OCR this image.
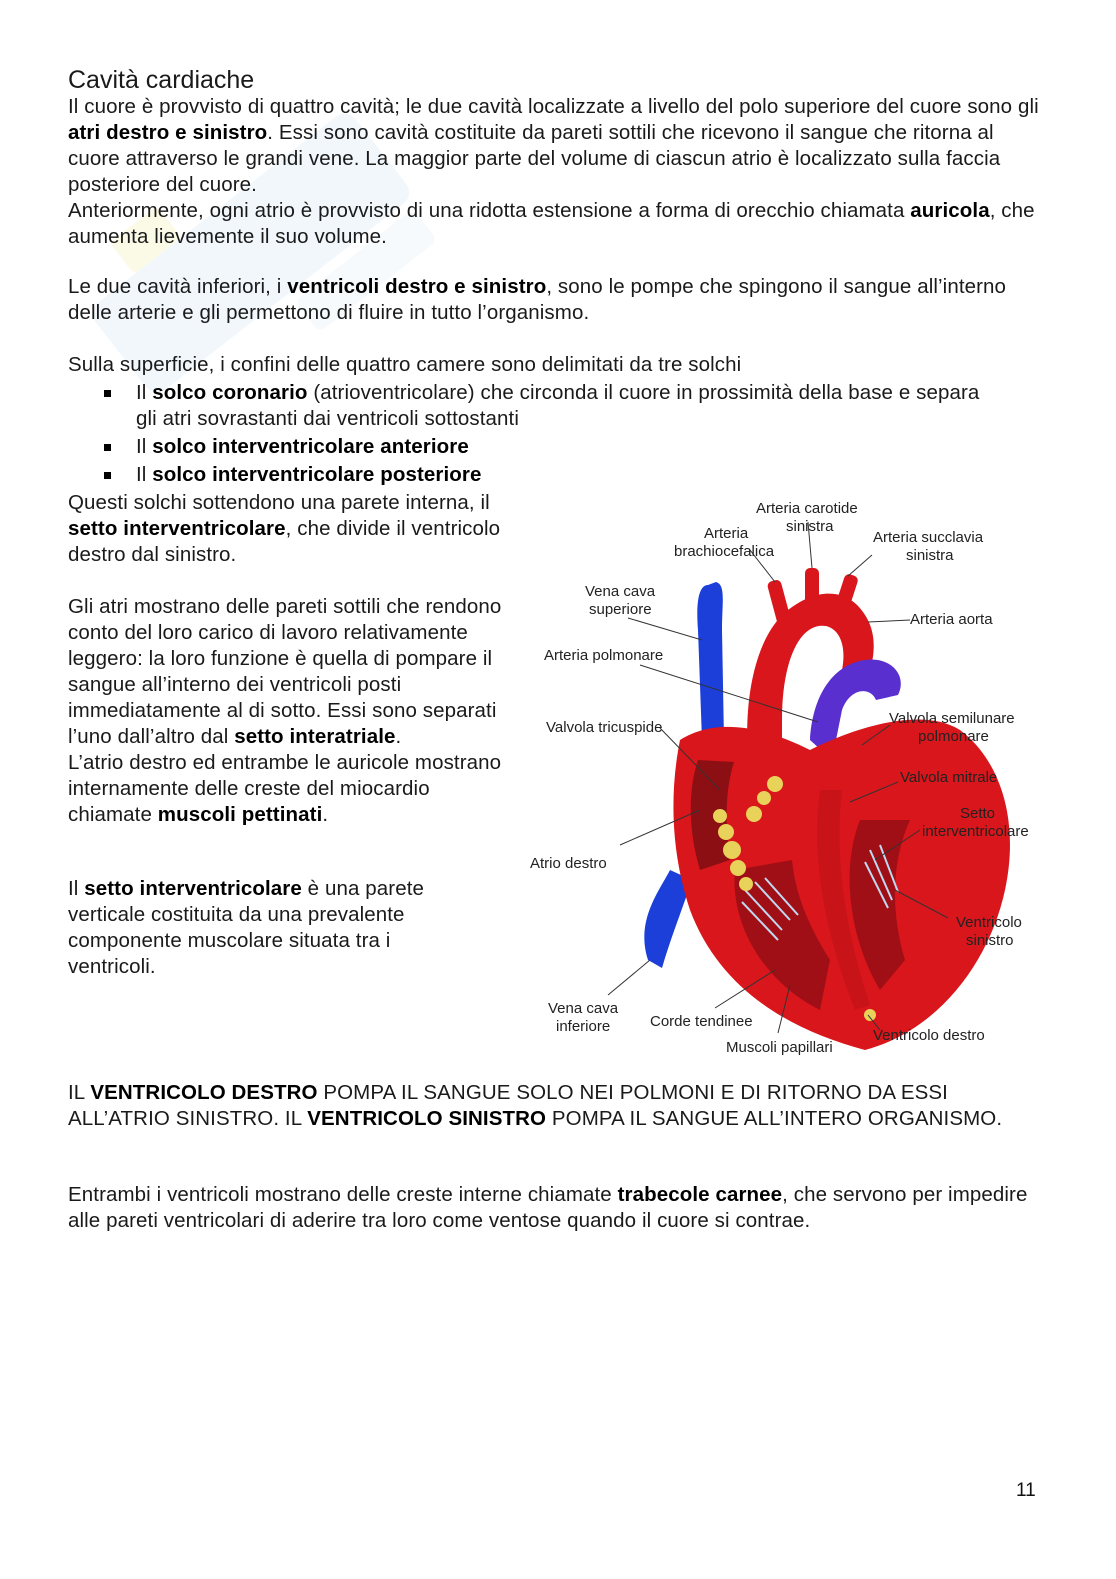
Cavità cardiache

Il cuore è provvisto di quattro cavità; le due cavità localizzate a livello del polo superiore del cuore sono gli atri destro e sinistro. Essi sono cavità costituite da pareti sottili che ricevono il sangue che ritorna al cuore attraverso le grandi vene. La maggior parte del volume di ciascun atrio è localizzato sulla faccia posteriore del cuore.
Anteriormente, ogni atrio è provvisto di una ridotta estensione a forma di orecchio chiamata auricola, che aumenta lievemente il suo volume.

Le due cavità inferiori, i ventricoli destro e sinistro, sono le pompe che spingono il sangue all’interno delle arterie e gli permettono di fluire in tutto l’organismo.

Sulla superficie, i confini delle quattro camere sono delimitati da tre solchi

Il solco coronario (atrioventricolare) che circonda il cuore in prossimità della base e separa gli atri sovrastanti dai ventricoli sottostanti
Il solco interventricolare anteriore
Il solco interventricolare posteriore

Questi solchi sottendono una parete interna, il setto interventricolare, che divide il ventricolo destro dal sinistro.

Gli atri mostrano delle pareti sottili che rendono conto del loro carico di lavoro relativamente leggero: la loro funzione è quella di pompare il sangue all’interno dei ventricoli posti immediatamente al di sotto. Essi sono separati l’uno dall’altro dal setto interatriale.
L’atrio destro ed entrambe le auricole mostrano internamente delle creste del miocardio chiamate muscoli pettinati.

Il setto interventricolare è una parete verticale costituita da una prevalente componente muscolare situata tra i ventricoli.

Arteria carotide
sinistra
Arteria
brachiocefalica
Arteria succlavia
sinistra
Vena cava
superiore
Arteria aorta
Arteria polmonare
Valvola semilunare
polmonare
Valvola tricuspide
Valvola mitrale
Setto
interventricolare
Atrio destro
Ventricolo
sinistro
Vena cava
inferiore	Corde tendinee
Muscoli papillari
Ventricolo destro

IL VENTRICOLO DESTRO POMPA IL SANGUE SOLO NEI POLMONI E DI RITORNO DA ESSI ALL’ATRIO SINISTRO. IL VENTRICOLO SINISTRO POMPA IL SANGUE ALL’INTERO ORGANISMO.

Entrambi i ventricoli mostrano delle creste interne chiamate trabecole carnee, che servono per impedire alle pareti ventricolari di aderire tra loro come ventose quando il cuore si contrae.

11
